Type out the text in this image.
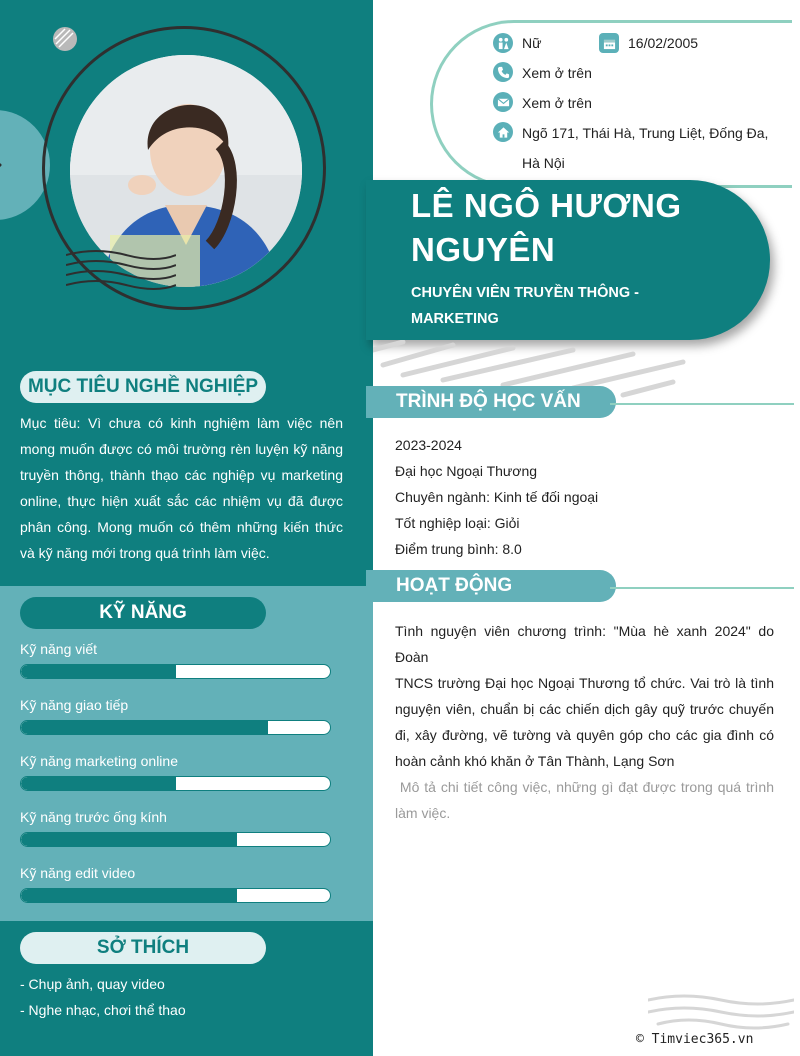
Nữ	16/02/2005
Xem ở trên
Xem ở trên
Ngõ 171, Thái Hà, Trung Liệt, Đống Đa,
Hà Nội
LÊ NGÔ HƯƠNG
NGUYÊN
CHUYÊN VIÊN TRUYỀN THÔNG -
MARKETING
MỤC TIÊU NGHỀ NGHIỆP
Mục tiêu: Vì chưa có kinh nghiệm làm việc nên
mong muốn được có môi trường rèn luyện kỹ năng
truyền thông, thành thạo các nghiệp vụ marketing
online, thực hiện xuất sắc các nhiệm vụ đã được
phân công. Mong muốn có thêm những kiến thức
và kỹ năng mới trong quá trình làm việc.
KỸ NĂNG
Kỹ năng viết
Kỹ năng giao tiếp
Kỹ năng marketing online
Kỹ năng trước ống kính
Kỹ năng edit video
SỞ THÍCH
- Chụp ảnh, quay video
- Nghe nhạc, chơi thể thao
TRÌNH ĐỘ HỌC VẤN
2023-2024
Đại học Ngoại Thương
Chuyên ngành: Kinh tế đối ngoại
Tốt nghiệp loại: Giỏi
Điểm trung bình: 8.0
HOẠT ĐỘNG
Tình nguyện viên chương trình: "Mùa hè xanh 2024" do Đoàn
TNCS trường Đại học Ngoại Thương tổ chức. Vai trò là tình
nguyện viên, chuẩn bị các chiến dịch gây quỹ trước chuyến
đi, xây đường, vẽ tường và quyên góp cho các gia đình có
hoàn cảnh khó khăn ở Tân Thành, Lạng Sơn
Mô tả chi tiết công việc, những gì đạt được trong quá trình
làm việc.
© Timviec365.vn
